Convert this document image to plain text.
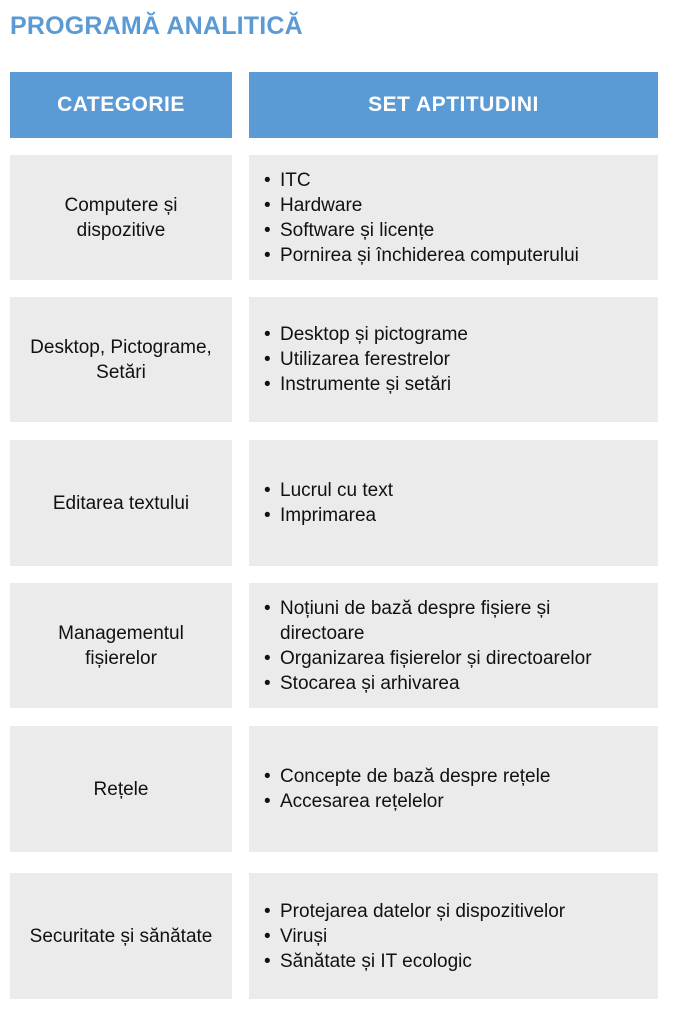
PROGRAMĂ ANALITICĂ
CATEGORIE	SET APTITUDINI
Computere și dispozitive
• ITC
• Hardware
• Software și licențe
• Pornirea și închiderea computerului
Desktop, Pictograme, Setări
• Desktop și pictograme
• Utilizarea ferestrelor
• Instrumente și setări
Editarea textului
• Lucrul cu text
• Imprimarea
Managementul fișierelor
• Noțiuni de bază despre fișiere și directoare
• Organizarea fișierelor și directoarelor
• Stocarea și arhivarea
Rețele
• Concepte de bază despre rețele
• Accesarea rețelelor
Securitate și sănătate
• Protejarea datelor și dispozitivelor
• Viruși
• Sănătate și IT ecologic
